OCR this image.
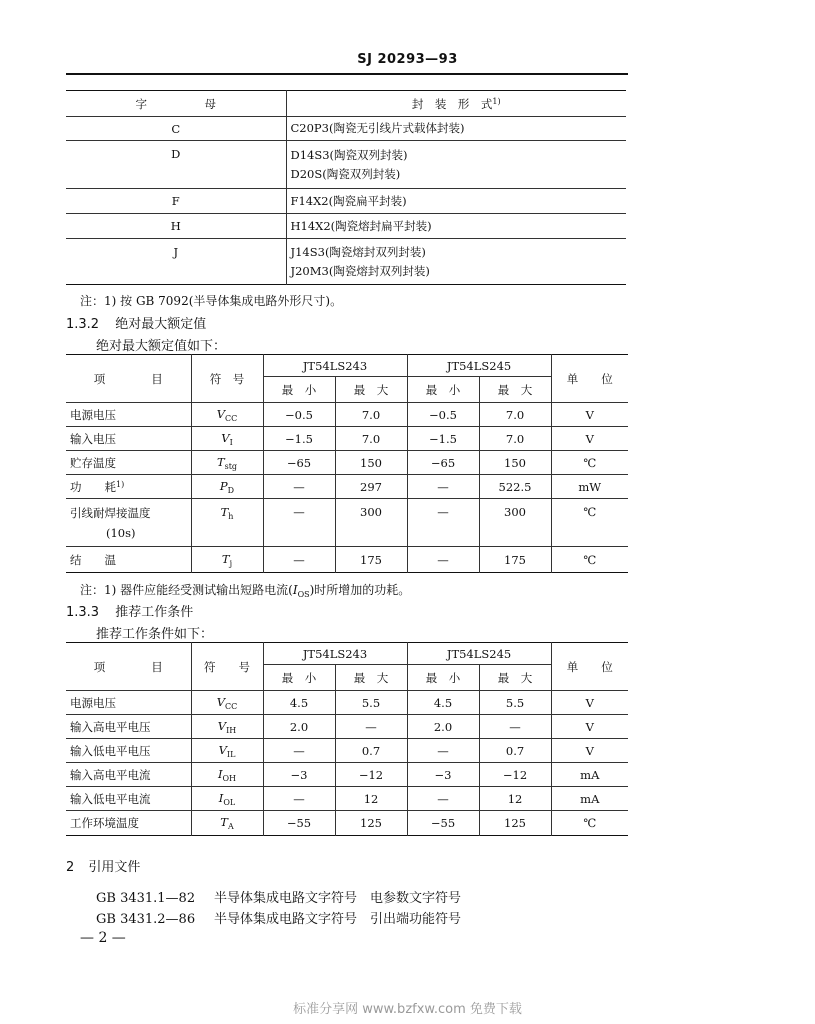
SJ 20293—93
字　　　　　母	封　装　形　式$^{1)}$
C	C20P3(陶瓷无引线片式载体封装)

D	D14S3(陶瓷双列封装)
D20S(陶瓷双列封装)

F	F14X2(陶瓷扁平封装)

H	H14X2(陶瓷熔封扁平封装)

J	J14S3(陶瓷熔封双列封装)
J20M3(陶瓷熔封双列封装)
注：1) 按 GB 7092(半导体集成电路外形尺寸)。
1.3.2 绝对最大额定值
绝对最大额定值如下：
项　　　　目	符　号	JT54LS243		JT54LS245		单　　位
		最　小	最　大	最　小	最　大	
电源电压	$V_{CC}$	−0.5	7.0	−0.5	7.0	V
输入电压	$V_I$	−1.5	7.0	−1.5	7.0	V
贮存温度	$T_{stg}$	−65	150	−65	150	℃
功　　耗$^{1)}$	$P_D$	—	297	—	522.5	mW

引线耐焊接温度
(10s)	$T_h$	—	300	—	300	℃
结　　温	$T_j$	—	175	—	175	℃
注：1) 器件应能经受测试输出短路电流$(I_{OS})$时所增加的功耗。
1.3.3 推荐工作条件
推荐工作条件如下：
项　　　　目	符　　号	JT54LS243		JT54LS245		单　　位
		最　小	最　大	最　小	最　大	
电源电压	$V_{CC}$	4.5	5.5	4.5	5.5	V
输入高电平电压	$V_{IH}$	2.0	—	2.0	—	V
输入低电平电压	$V_{IL}$	—	0.7	—	0.7	V
输入高电平电流	$I_{OH}$	−3	−12	−3	−12	mA
输入低电平电流	$I_{OL}$	—	12	—	12	mA
工作环境温度	$T_A$	−55	125	−55	125	℃
2 引用文件
GB 3431.1—82 半导体集成电路文字符号　电参数文字符号
GB 3431.2—86 半导体集成电路文字符号　引出端功能符号
— 2 —
标准分享网 www.bzfxw.com 免费下载
